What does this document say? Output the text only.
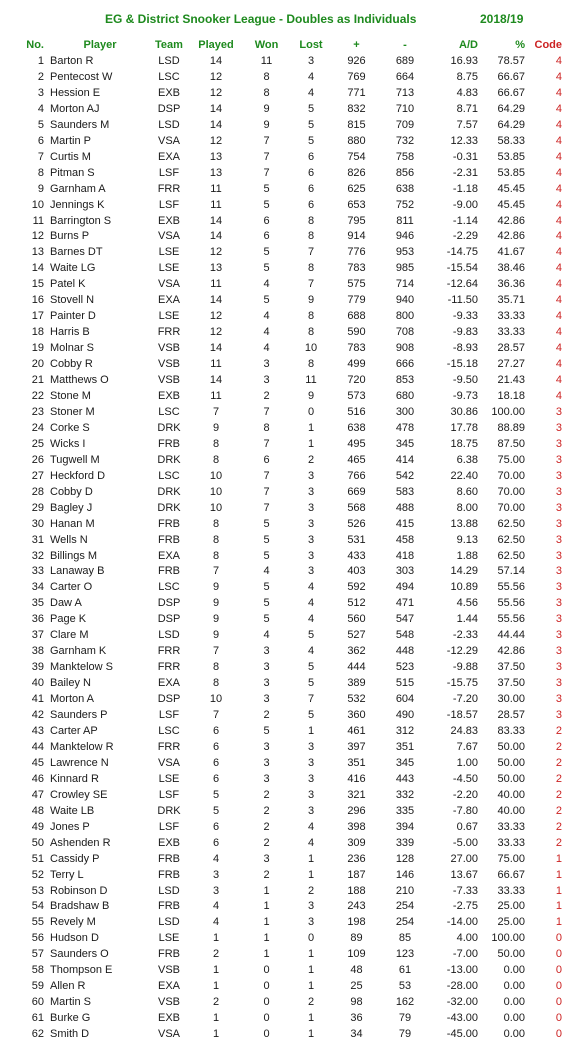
EG & District Snooker League - Doubles as Individuals	2018/19
No.	Player	Team	Played	Won	Lost	+	-	A/D	%	Code
1	Barton R	LSD	14	11	3	926	689	16.93	78.57	4
2	Pentecost W	LSC	12	8	4	769	664	8.75	66.67	4
3	Hession E	EXB	12	8	4	771	713	4.83	66.67	4
4	Morton AJ	DSP	14	9	5	832	710	8.71	64.29	4
5	Saunders M	LSD	14	9	5	815	709	7.57	64.29	4
6	Martin P	VSA	12	7	5	880	732	12.33	58.33	4
7	Curtis M	EXA	13	7	6	754	758	-0.31	53.85	4
8	Pitman S	LSF	13	7	6	826	856	-2.31	53.85	4
9	Garnham A	FRR	11	5	6	625	638	-1.18	45.45	4
10	Jennings K	LSF	11	5	6	653	752	-9.00	45.45	4
11	Barrington S	EXB	14	6	8	795	811	-1.14	42.86	4
12	Burns P	VSA	14	6	8	914	946	-2.29	42.86	4
13	Barnes DT	LSE	12	5	7	776	953	-14.75	41.67	4
14	Waite LG	LSE	13	5	8	783	985	-15.54	38.46	4
15	Patel K	VSA	11	4	7	575	714	-12.64	36.36	4
16	Stovell N	EXA	14	5	9	779	940	-11.50	35.71	4
17	Painter D	LSE	12	4	8	688	800	-9.33	33.33	4
18	Harris B	FRR	12	4	8	590	708	-9.83	33.33	4
19	Molnar S	VSB	14	4	10	783	908	-8.93	28.57	4
20	Cobby R	VSB	11	3	8	499	666	-15.18	27.27	4
21	Matthews O	VSB	14	3	11	720	853	-9.50	21.43	4
22	Stone M	EXB	11	2	9	573	680	-9.73	18.18	4
23	Stoner M	LSC	7	7	0	516	300	30.86	100.00	3
24	Corke S	DRK	9	8	1	638	478	17.78	88.89	3
25	Wicks I	FRB	8	7	1	495	345	18.75	87.50	3
26	Tugwell M	DRK	8	6	2	465	414	6.38	75.00	3
27	Heckford D	LSC	10	7	3	766	542	22.40	70.00	3
28	Cobby D	DRK	10	7	3	669	583	8.60	70.00	3
29	Bagley J	DRK	10	7	3	568	488	8.00	70.00	3
30	Hanan M	FRB	8	5	3	526	415	13.88	62.50	3
31	Wells N	FRB	8	5	3	531	458	9.13	62.50	3
32	Billings M	EXA	8	5	3	433	418	1.88	62.50	3
33	Lanaway B	FRB	7	4	3	403	303	14.29	57.14	3
34	Carter O	LSC	9	5	4	592	494	10.89	55.56	3
35	Daw A	DSP	9	5	4	512	471	4.56	55.56	3
36	Page K	DSP	9	5	4	560	547	1.44	55.56	3
37	Clare M	LSD	9	4	5	527	548	-2.33	44.44	3
38	Garnham K	FRR	7	3	4	362	448	-12.29	42.86	3
39	Manktelow S	FRR	8	3	5	444	523	-9.88	37.50	3
40	Bailey N	EXA	8	3	5	389	515	-15.75	37.50	3
41	Morton A	DSP	10	3	7	532	604	-7.20	30.00	3
42	Saunders P	LSF	7	2	5	360	490	-18.57	28.57	3
43	Carter AP	LSC	6	5	1	461	312	24.83	83.33	2
44	Manktelow R	FRR	6	3	3	397	351	7.67	50.00	2
45	Lawrence N	VSA	6	3	3	351	345	1.00	50.00	2
46	Kinnard R	LSE	6	3	3	416	443	-4.50	50.00	2
47	Crowley SE	LSF	5	2	3	321	332	-2.20	40.00	2
48	Waite LB	DRK	5	2	3	296	335	-7.80	40.00	2
49	Jones P	LSF	6	2	4	398	394	0.67	33.33	2
50	Ashenden R	EXB	6	2	4	309	339	-5.00	33.33	2
51	Cassidy P	FRB	4	3	1	236	128	27.00	75.00	1
52	Terry L	FRB	3	2	1	187	146	13.67	66.67	1
53	Robinson D	LSD	3	1	2	188	210	-7.33	33.33	1
54	Bradshaw B	FRB	4	1	3	243	254	-2.75	25.00	1
55	Revely M	LSD	4	1	3	198	254	-14.00	25.00	1
56	Hudson D	LSE	1	1	0	89	85	4.00	100.00	0
57	Saunders O	FRB	2	1	1	109	123	-7.00	50.00	0
58	Thompson E	VSB	1	0	1	48	61	-13.00	0.00	0
59	Allen R	EXA	1	0	1	25	53	-28.00	0.00	0
60	Martin S	VSB	2	0	2	98	162	-32.00	0.00	0
61	Burke G	EXB	1	0	1	36	79	-43.00	0.00	0
62	Smith D	VSA	1	0	1	34	79	-45.00	0.00	0
